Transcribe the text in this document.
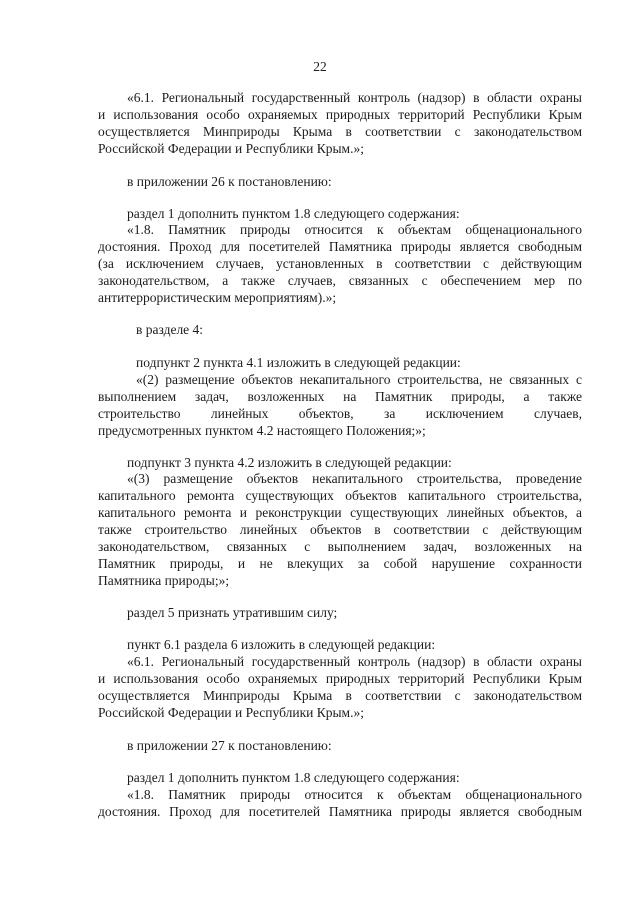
22
«6.1. Региональный государственный контроль (надзор) в области охраны
и использования особо охраняемых природных территорий Республики Крым
осуществляется Минприроды Крыма в соответствии с законодательством
Российской Федерации и Республики Крым.»;
в приложении 26 к постановлению:
раздел 1 дополнить пунктом 1.8 следующего содержания:
«1.8. Памятник природы относится к объектам общенационального
достояния. Проход для посетителей Памятника природы является свободным
(за исключением случаев, установленных в соответствии с действующим
законодательством, а также случаев, связанных с обеспечением мер по
антитеррористическим мероприятиям).»;
в разделе 4:
подпункт 2 пункта 4.1 изложить в следующей редакции:
«(2) размещение объектов некапитального строительства, не связанных с
выполнением задач, возложенных на Памятник природы, а также
строительство линейных объектов, за исключением случаев,
предусмотренных пунктом 4.2 настоящего Положения;»;
подпункт 3 пункта 4.2 изложить в следующей редакции:
«(3) размещение объектов некапитального строительства, проведение
капитального ремонта существующих объектов капитального строительства,
капитального ремонта и реконструкции существующих линейных объектов, а
также строительство линейных объектов в соответствии с действующим
законодательством, связанных с выполнением задач, возложенных на
Памятник природы, и не влекущих за собой нарушение сохранности
Памятника природы;»;
раздел 5 признать утратившим силу;
пункт 6.1 раздела 6 изложить в следующей редакции:
«6.1. Региональный государственный контроль (надзор) в области охраны
и использования особо охраняемых природных территорий Республики Крым
осуществляется Минприроды Крыма в соответствии с законодательством
Российской Федерации и Республики Крым.»;
в приложении 27 к постановлению:
раздел 1 дополнить пунктом 1.8 следующего содержания:
«1.8. Памятник природы относится к объектам общенационального
достояния. Проход для посетителей Памятника природы является свободным
